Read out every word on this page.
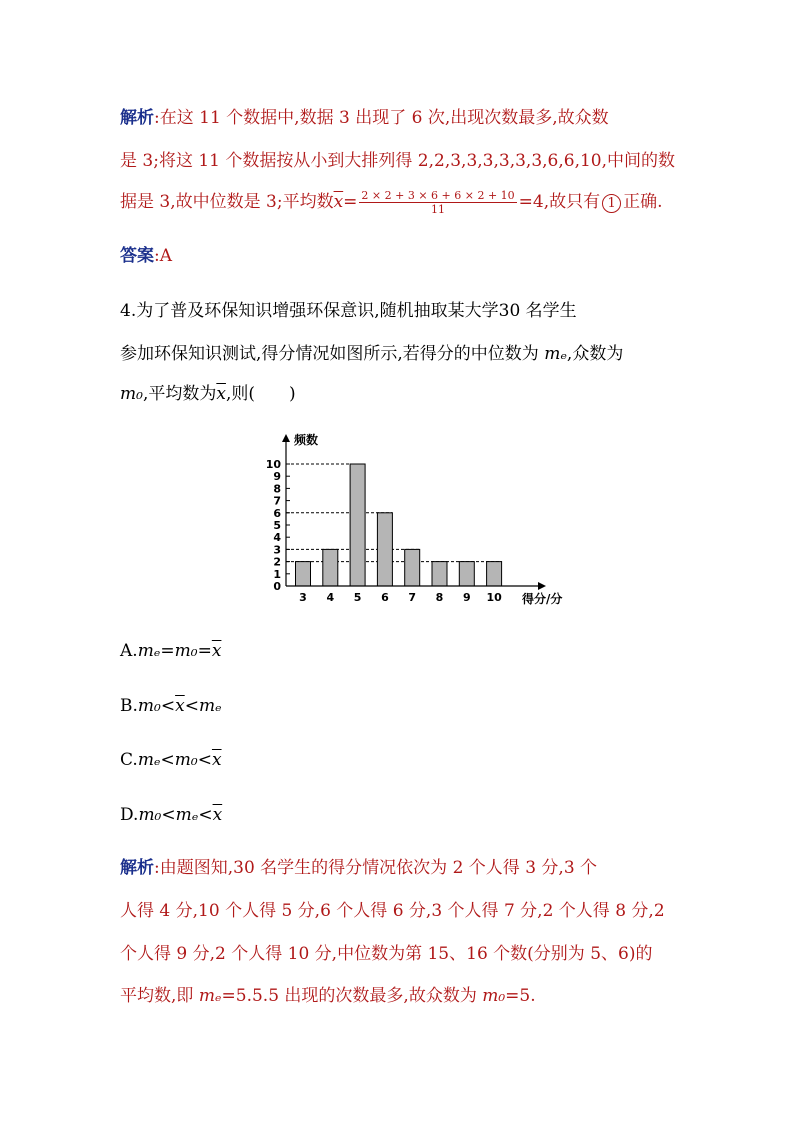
解析:在这 11 个数据中,数据 3 出现了 6 次,出现次数最多,故众数
是 3;将这 11 个数据按从小到大排列得 2,2,3,3,3,3,3,3,6,6,10,中间的数
据是 3,故中位数是 3;平均数$\overline{x}= \frac{2 \times 2 + 3 \times 6 + 6 \times 2 + 10}{11} =4$,故只有 1 正确.
答案:A
4.为了普及环保知识增强环保意识,随机抽取某大学30 名学生
参加环保知识测试,得分情况如图所示,若得分的中位数为 mₑ,众数为
m₀,平均数为$\overline{x}$,则(　　)
0
1
2
3
4
5
6
7
8
9
10
3 4 5 6 7 8 9 10
频数
得分/分
$A.m_e=m_0=\overline{x}$
$B.m_0<\overline{x}<m_e$
$C.m_e<m_0<\overline{x}$
$D.m_0<m_e<\overline{x}$
解析:由题图知,30 名学生的得分情况依次为 2 个人得 3 分,3 个
人得 4 分,10 个人得 5 分,6 个人得 6 分,3 个人得 7 分,2 个人得 8 分,2
个人得 9 分,2 个人得 10 分,中位数为第 15、16 个数(分别为 5、6)的
平均数,即 mₑ=5.5.5 出现的次数最多,故众数为 m₀=5.
